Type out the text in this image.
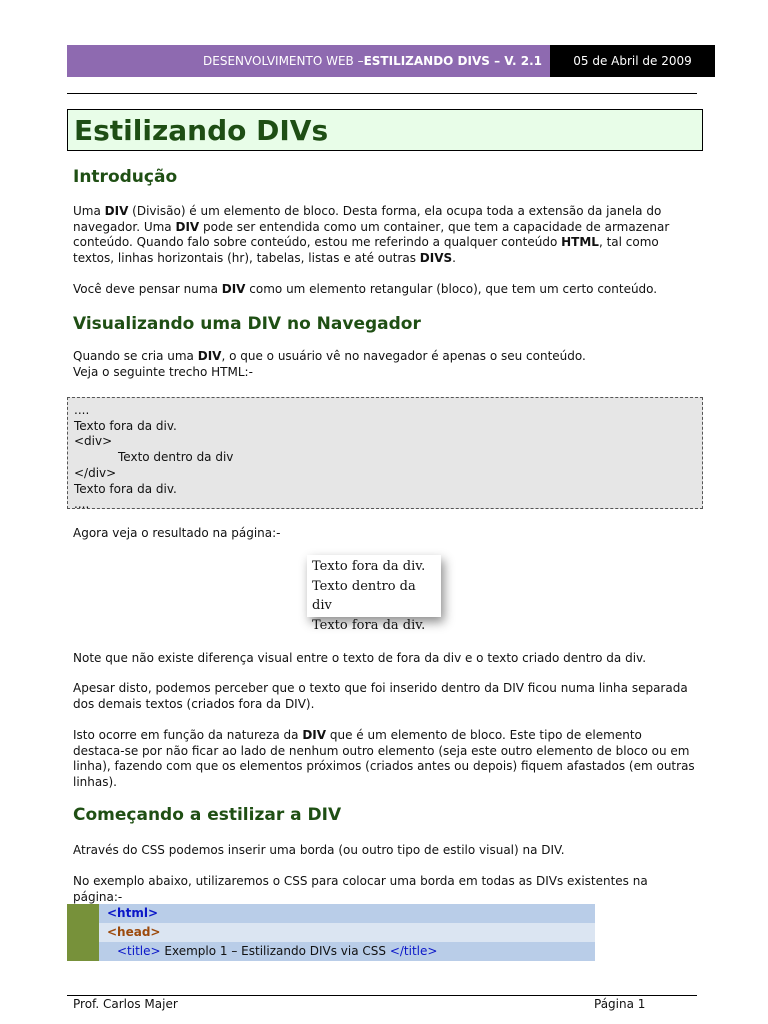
DESENVOLVIMENTO WEB – ESTILIZANDO DIVS – V. 2.1	05 de Abril de 2009
Estilizando DIVs
Introdução

Uma DIV (Divisão) é um elemento de bloco. Desta forma, ela ocupa toda a extensão da janela do navegador. Uma DIV pode ser entendida como um container, que tem a capacidade de armazenar conteúdo. Quando falo sobre conteúdo, estou me referindo a qualquer conteúdo HTML, tal como textos, linhas horizontais (hr), tabelas, listas e até outras DIVS.

Você deve pensar numa DIV como um elemento retangular (bloco), que tem um certo conteúdo.

Visualizando uma DIV no Navegador

Quando se cria uma DIV, o que o usuário vê no navegador é apenas o seu conteúdo.
Veja o seguinte trecho HTML:-

....
Texto fora da div.
<div>
Texto dentro da div
</div>
Texto fora da div.
....

Agora veja o resultado na página:-

Texto fora da div.
Texto dentro da div
Texto fora da div.

Note que não existe diferença visual entre o texto de fora da div e o texto criado dentro da div.

Apesar disto, podemos perceber que o texto que foi inserido dentro da DIV ficou numa linha separada dos demais textos (criados fora da DIV).

Isto ocorre em função da natureza da DIV que é um elemento de bloco. Este tipo de elemento destaca-se por não ficar ao lado de nenhum outro elemento (seja este outro elemento de bloco ou em linha), fazendo com que os elementos próximos (criados antes ou depois) fiquem afastados (em outras linhas).

Começando a estilizar a DIV

Através do CSS podemos inserir uma borda (ou outro tipo de estilo visual) na DIV.

No exemplo abaixo, utilizaremos o CSS para colocar uma borda em todas as DIVs existentes na página:-

<html>
<head>
<title> Exemplo 1 – Estilizando DIVs via CSS </title>
Prof. Carlos Majer	Página 1
